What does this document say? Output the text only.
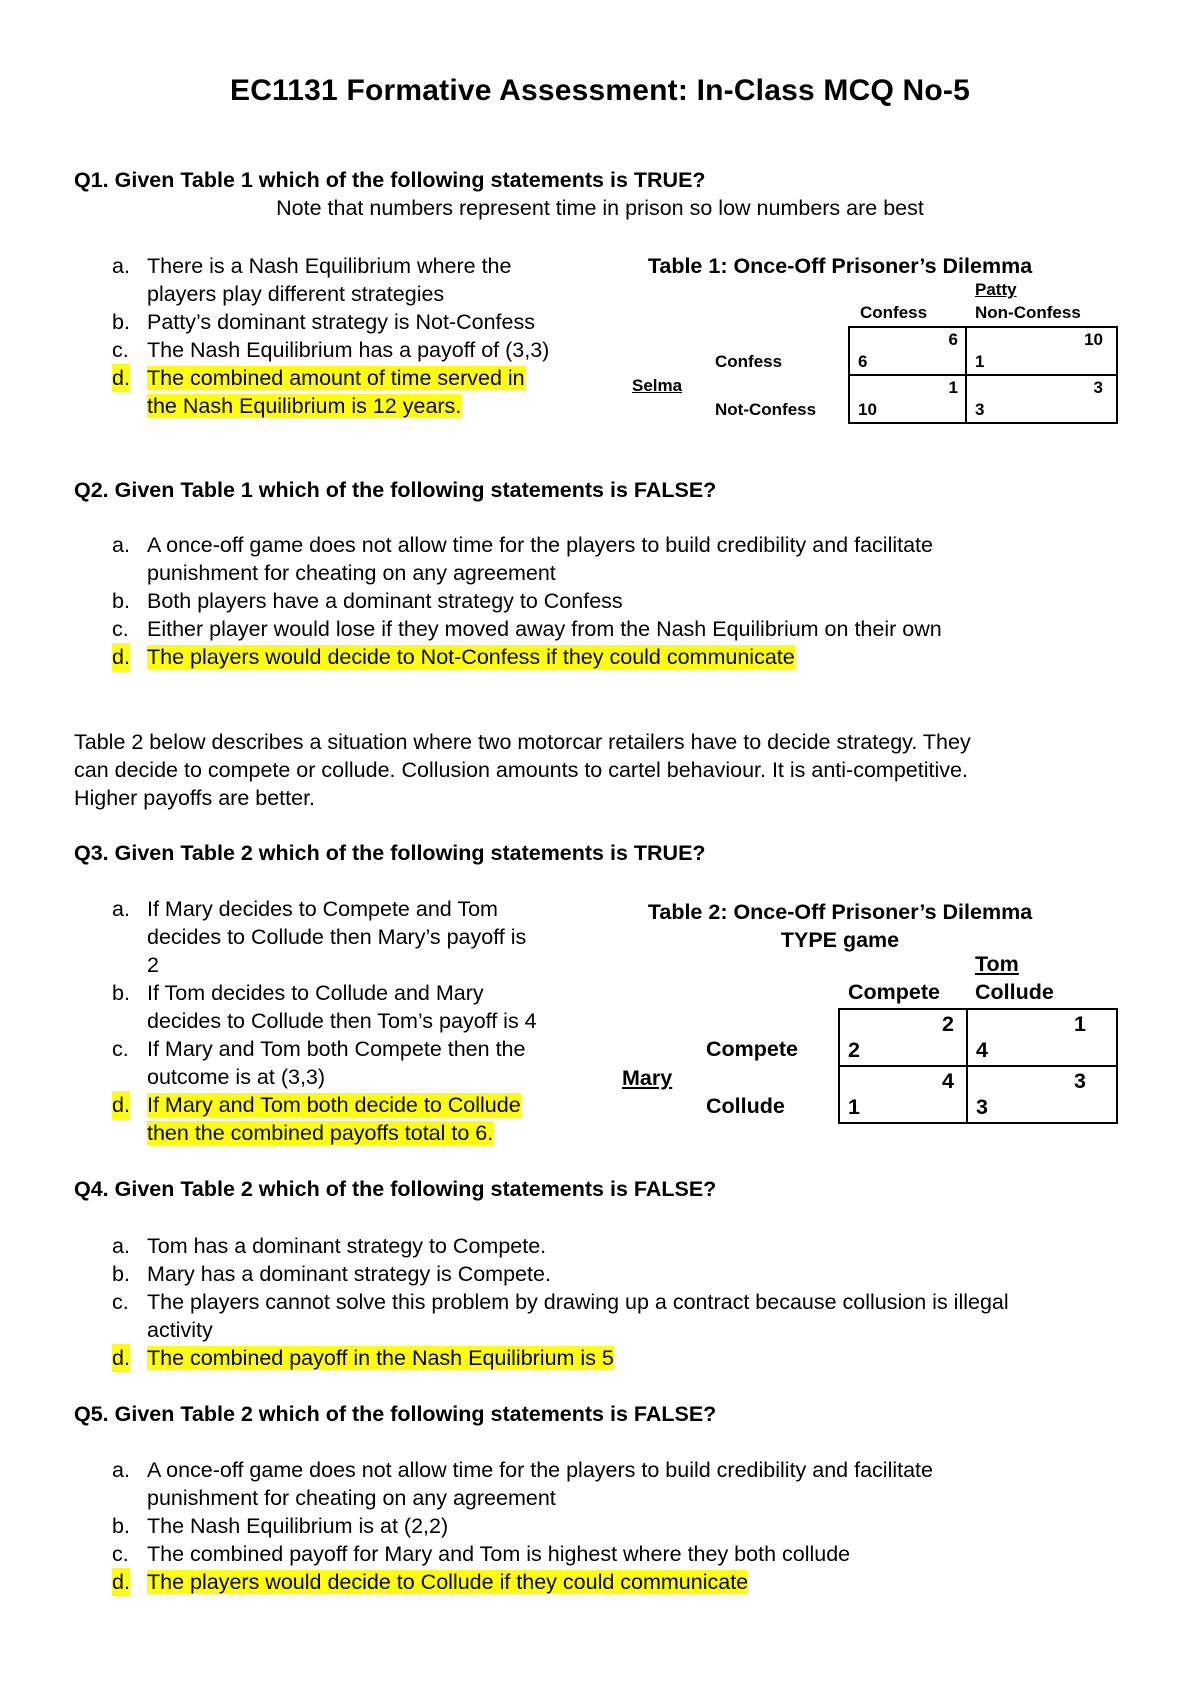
EC1131 Formative Assessment: In-Class MCQ No-5

Q1. Given Table 1 which of the following statements is TRUE?

Note that numbers represent time in prison so low numbers are best
a. There is a Nash Equilibrium where the
players play different strategies
b. Patty’s dominant strategy is Not-Confess
c. The Nash Equilibrium has a payoff of (3,3)
d. The combined amount of time served in
the Nash Equilibrium is 12 years.
Table 1: Once-Off Prisoner’s Dilemma
Patty
Confess	Non-Confess
Confess
Selma
Not-Confess
6
6
10
1
1
10
3
3

Q2. Given Table 1 which of the following statements is FALSE?

a. A once-off game does not allow time for the players to build credibility and facilitate
punishment for cheating on any agreement
b. Both players have a dominant strategy to Confess
c. Either player would lose if they moved away from the Nash Equilibrium on their own
d. The players would decide to Not-Confess if they could communicate
Table 2 below describes a situation where two motorcar retailers have to decide strategy. They
can decide to compete or collude. Collusion amounts to cartel behaviour. It is anti-competitive.
Higher payoffs are better.

Q3. Given Table 2 which of the following statements is TRUE?

a. If Mary decides to Compete and Tom
decides to Collude then Mary’s payoff is
2
b. If Tom decides to Collude and Mary
decides to Collude then Tom’s payoff is 4
c. If Mary and Tom both Compete then the
outcome is at (3,3)
d. If Mary and Tom both decide to Collude
then the combined payoffs total to 6.
Table 2: Once-Off Prisoner’s Dilemma
TYPE game
Tom
Compete Collude
Compete
Mary
Collude
2
2
1
4
4
1
3
3

Q4. Given Table 2 which of the following statements is FALSE?

a. Tom has a dominant strategy to Compete.
b. Mary has a dominant strategy is Compete.
c. The players cannot solve this problem by drawing up a contract because collusion is illegal
activity
d. The combined payoff in the Nash Equilibrium is 5

Q5. Given Table 2 which of the following statements is FALSE?

a. A once-off game does not allow time for the players to build credibility and facilitate
punishment for cheating on any agreement
b. The Nash Equilibrium is at (2,2)
c. The combined payoff for Mary and Tom is highest where they both collude
d. The players would decide to Collude if they could communicate
